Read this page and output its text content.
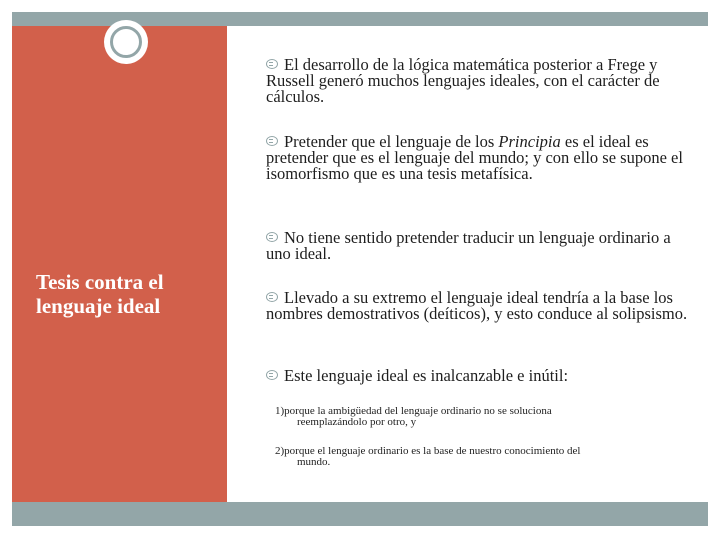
Tesis contra el lenguaje ideal

El desarrollo de la lógica matemática posterior a Frege y Russell generó muchos lenguajes ideales, con el carácter de cálculos.

Pretender que el lenguaje de los Principia es el ideal es pretender que es el lenguaje del mundo; y con ello se supone el isomorfismo que es una tesis metafísica.

No tiene sentido pretender traducir un lenguaje ordinario a uno ideal.

Llevado a su extremo el lenguaje ideal tendría a la base los nombres demostrativos (deíticos), y esto conduce al solipsismo.

Este lenguaje ideal es inalcanzable e inútil:

1)porque la ambigüedad del lenguaje ordinario no se soluciona
reemplazándolo por otro, y

2)porque el lenguaje ordinario es la base de nuestro conocimiento del
mundo.
